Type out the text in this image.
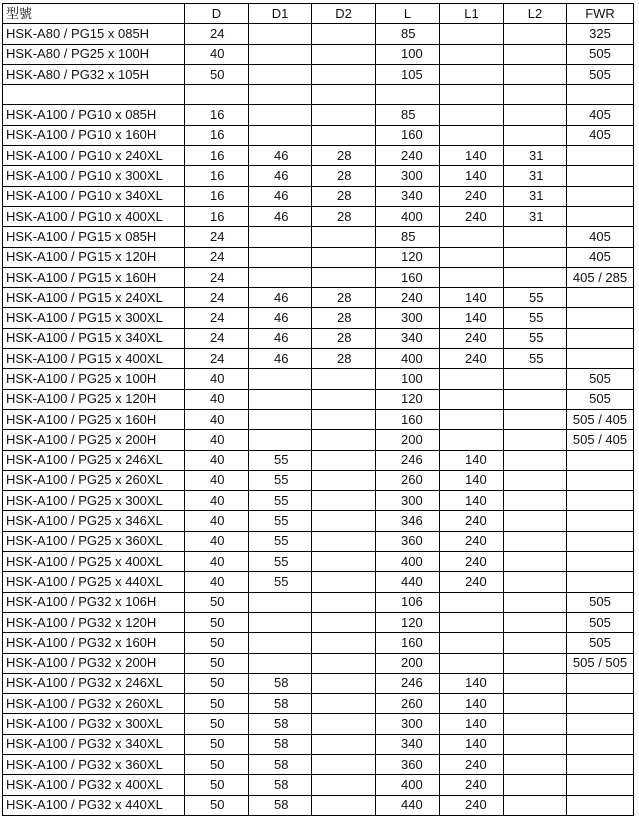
型號	D	D1	D2	L	L1	L2	FWR
HSK-A80 / PG15 x 085H	24			85			325
HSK-A80 / PG25 x 100H	40			100			505
HSK-A80 / PG32 x 105H	50			105			505

HSK-A100 / PG10 x 085H	16			85			405
HSK-A100 / PG10 x 160H	16			160			405
HSK-A100 / PG10 x 240XL	16	46	28	240	140	31	
HSK-A100 / PG10 x 300XL	16	46	28	300	140	31	
HSK-A100 / PG10 x 340XL	16	46	28	340	240	31	
HSK-A100 / PG10 x 400XL	16	46	28	400	240	31	
HSK-A100 / PG15 x 085H	24			85			405
HSK-A100 / PG15 x 120H	24			120			405
HSK-A100 / PG15 x 160H	24			160			405 / 285
HSK-A100 / PG15 x 240XL	24	46	28	240	140	55	
HSK-A100 / PG15 x 300XL	24	46	28	300	140	55	
HSK-A100 / PG15 x 340XL	24	46	28	340	240	55	
HSK-A100 / PG15 x 400XL	24	46	28	400	240	55	
HSK-A100 / PG25 x 100H	40			100			505
HSK-A100 / PG25 x 120H	40			120			505
HSK-A100 / PG25 x 160H	40			160			505 / 405
HSK-A100 / PG25 x 200H	40			200			505 / 405
HSK-A100 / PG25 x 246XL	40	55		246	140		
HSK-A100 / PG25 x 260XL	40	55		260	140		
HSK-A100 / PG25 x 300XL	40	55		300	140		
HSK-A100 / PG25 x 346XL	40	55		346	240		
HSK-A100 / PG25 x 360XL	40	55		360	240		
HSK-A100 / PG25 x 400XL	40	55		400	240		
HSK-A100 / PG25 x 440XL	40	55		440	240		
HSK-A100 / PG32 x 106H	50			106			505
HSK-A100 / PG32 x 120H	50			120			505
HSK-A100 / PG32 x 160H	50			160			505
HSK-A100 / PG32 x 200H	50			200			505 / 505
HSK-A100 / PG32 x 246XL	50	58		246	140		
HSK-A100 / PG32 x 260XL	50	58		260	140		
HSK-A100 / PG32 x 300XL	50	58		300	140		
HSK-A100 / PG32 x 340XL	50	58		340	140		
HSK-A100 / PG32 x 360XL	50	58		360	240		
HSK-A100 / PG32 x 400XL	50	58		400	240		
HSK-A100 / PG32 x 440XL	50	58		440	240		
